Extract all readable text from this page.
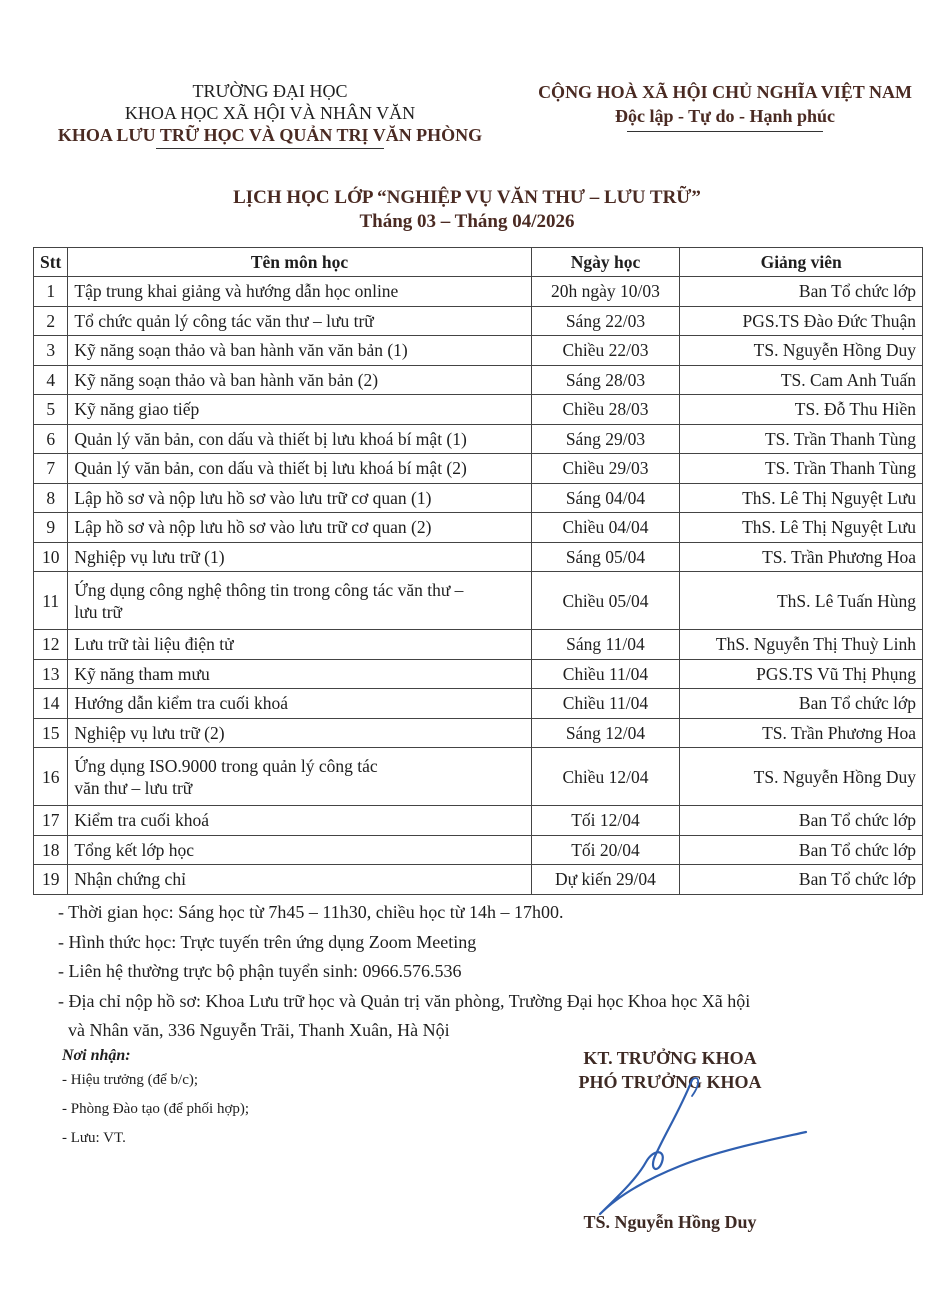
TRƯỜNG ĐẠI HỌC
KHOA HỌC XÃ HỘI VÀ NHÂN VĂN
KHOA LƯU TRỮ HỌC VÀ QUẢN TRỊ VĂN PHÒNG
CỘNG HOÀ XÃ HỘI CHỦ NGHĨA VIỆT NAM
Độc lập - Tự do - Hạnh phúc
LỊCH HỌC LỚP “NGHIỆP VỤ VĂN THƯ – LƯU TRỮ”
Tháng 03 – Tháng 04/2026
Stt	Tên môn học	Ngày học	Giảng viên
1	Tập trung khai giảng và hướng dẫn học online	20h ngày 10/03	Ban Tổ chức lớp
2	Tổ chức quản lý công tác văn thư – lưu trữ	Sáng 22/03	PGS.TS Đào Đức Thuận
3	Kỹ năng soạn thảo và ban hành văn văn bản (1)	Chiều 22/03	TS. Nguyễn Hồng Duy
4	Kỹ năng soạn thảo và ban hành văn bản (2)	Sáng 28/03	TS. Cam Anh Tuấn
5	Kỹ năng giao tiếp	Chiều 28/03	TS. Đỗ Thu Hiền
6	Quản lý văn bản, con dấu và thiết bị lưu khoá bí mật (1)	Sáng 29/03	TS. Trần Thanh Tùng
7	Quản lý văn bản, con dấu và thiết bị lưu khoá bí mật (2)	Chiều 29/03	TS. Trần Thanh Tùng
8	Lập hồ sơ và nộp lưu hồ sơ vào lưu trữ cơ quan (1)	Sáng 04/04	ThS. Lê Thị Nguyệt Lưu
9	Lập hồ sơ và nộp lưu hồ sơ vào lưu trữ cơ quan (2)	Chiều 04/04	ThS. Lê Thị Nguyệt Lưu
10	Nghiệp vụ lưu trữ (1)	Sáng 05/04	TS. Trần Phương Hoa
11	Ứng dụng công nghệ thông tin trong công tác văn thư –
lưu trữ	Chiều 05/04	ThS. Lê Tuấn Hùng
12	Lưu trữ tài liệu điện tử	Sáng 11/04	ThS. Nguyễn Thị Thuỳ Linh
13	Kỹ năng tham mưu	Chiều 11/04	PGS.TS Vũ Thị Phụng
14	Hướng dẫn kiểm tra cuối khoá	Chiều 11/04	Ban Tổ chức lớp
15	Nghiệp vụ lưu trữ (2)	Sáng 12/04	TS. Trần Phương Hoa
16	Ứng dụng ISO.9000 trong quản lý công tác
văn thư – lưu trữ	Chiều 12/04	TS. Nguyễn Hồng Duy
17	Kiểm tra cuối khoá	Tối 12/04	Ban Tổ chức lớp
18	Tổng kết lớp học	Tối 20/04	Ban Tổ chức lớp
19	Nhận chứng chỉ	Dự kiến 29/04	Ban Tổ chức lớp
- Thời gian học: Sáng học từ 7h45 – 11h30, chiều học từ 14h – 17h00.
- Hình thức học: Trực tuyến trên ứng dụng Zoom Meeting
- Liên hệ thường trực bộ phận tuyển sinh: 0966.576.536
- Địa chỉ nộp hồ sơ: Khoa Lưu trữ học và Quản trị văn phòng, Trường Đại học Khoa học Xã hội
và Nhân văn, 336 Nguyễn Trãi, Thanh Xuân, Hà Nội
Nơi nhận:
- Hiệu trưởng (để b/c);
- Phòng Đào tạo (để phối hợp);
- Lưu: VT.
KT. TRƯỞNG KHOA
PHÓ TRƯỞNG KHOA
TS. Nguyễn Hồng Duy
